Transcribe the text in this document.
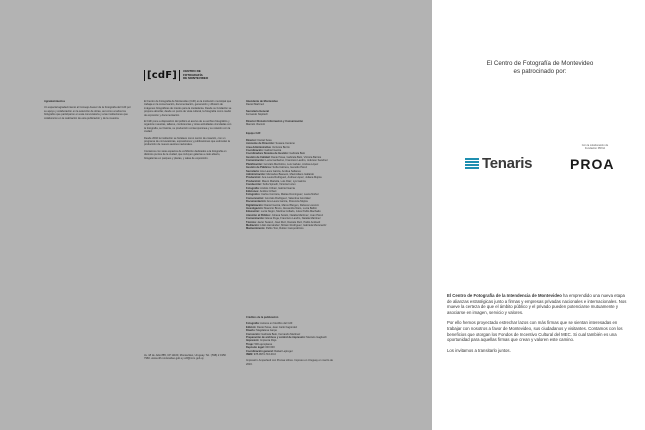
Agradecimientos

Un especial agradecimiento al Consejo Asesor de la Fotografía del CdF por su apoyo y colaboración en la selección de obras, así como a todos los fotógrafos que participaron en esta convocatoria y a las instituciones que colaboraron en la realización de esta publicación y de la muestra.

[cdF]	CENTRO DE
FOTOGRAFÍA
DE MONTEVIDEO

El Centro de Fotografía de Montevideo (CdF) es la institución municipal que trabaja en la conservación, documentación, generación y difusión de imágenes fotográficas de interés para la ciudadanía. Desde su fundación se propone abordar, desde un punto de vista cultural, la fotografía como medio de expresión y documentación.

El CdF pone a disposición del público el acervo de su archivo fotográfico y organiza muestras, talleres, conferencias y otras actividades vinculadas con la fotografía, su historia, su producción contemporánea y su relación con la ciudad.

Desde 2002 la institución se fortalece como centro de creación, con un programa de convocatorias, exposiciones y publicaciones que estimulan la producción de nuevos autores nacionales.

Contamos con siete espacios de exhibición dedicados a la fotografía en distintos puntos de la ciudad, que incluyen galerías a cielo abierto, fotogalerías en parques y plazas, y salas de exposición.

Av. 18 de Julio 885, CP 11100, Montevideo, Uruguay. Tel.: (598) 2 1950 7960. www.cdf.montevideo.gub.uy cdf@imm.gub.uy

Intendente de Montevideo
Daniel Martínez

Secretaria General
Fernando Nopitsch

Director División Información y Comunicación
Marcelo Visconti

Equipo CdF

Director: Daniel Sosa
Asistente de Dirección: Susana Centeno
Área Administrativa: Verónica Berrio
Coordinación: Gabriel García
Coordinadora Sistema de Gestión: Gabriela Belo
Gestión de Calidad: Daniel Sosa, Gabriela Belo, Victoria Barrios
Comunicación: Lucía Garbarino, Francisco Landro, Jeferson Sanchez
Planificación: Gonzalo Mazzolino, Luis Galván, Andrea López
Gestión de Públicos: Sofía Cabrera, Gerardo Pérez
Secretaría: Ana Laura García, Andrea Sellanes
Administración: Mercedes Bausero, Maximiliano Gallardo
Producción: Ana Laura Rodriguez, Andrea López, Juliana Mujica
Producción: Mauro Martella, Luis Díaz, Lys Gainza
Conducción: Sofía Spinelli, Victoria Iruzun
Fotografía: Andrés Cribari, Gabriel Garcia
Ediciones: Andrés Cribari
Fotógrafos: Carlos Contrera, Matías Dominguez, Laura Núñez
Conservación: Gonzalo Rodriguez, Valentina González
Documentación: Ana Laura García, Florencia Mujica
Digitalización: Daniel García, Marcel Bergen, Rebeca Lorenzo
Investigación: Mauricio Bruno, Alexandra Nieto, Lucía Bellini
Educación: Lucía Negro, Martina Collado, Jules Pablo Machado
Atención al Público: Johana Sotelo, Natalia Martínez, Juan Pérez
Comunicación: Elena Pega, Francisco Landro, Natalia Martínez
Técnica: Javier Suárez, José Ruiz, Daniele Ruiz, Pablo Andreoli
Mediación: Lilián Hernández, Miriam Rodríguez, Gabriela Muzanarriz
Mantenimiento: Pablo Tosi, Rubén Campodónico

Créditos de la publicación

Fotografía: Autores en fotolibro del CdF
Edición: Daniel Sosa, Jean Carlo Fagúndez
Diseño: Magdalena Gerpe
Corrección: Gabriela Belo, Fernando Martínez
Preparación de archivos y control de impresión: Marcelo Gagliardi
Impresión: Imprenta Rojo
Tiraje: 500 ejemplares
Depósito legal: 000 000
Coordinación general: Rafael Lejtreger
ISBN: 978-9974-716-00-0

Impresión: Amperland con Prensa Libres. Impreso en Uruguay en marzo de 2016.

El Centro de Fotografía de Montevideo
es patrocinado por:
Tenaris
Con la colaboración de
Fundación PROA
PROA

El Centro de Fotografía de la Intendencia de Montevideo ha emprendido una nueva etapa de alianzas estratégicas junto a firmas y empresas privadas nacionales e internacionales. Nos mueve la certeza de que el ámbito público y el privado pueden potenciarse mutuamente y asociarse en imagen, servicio y valores.

Por ello hemos proyectado estrechar lazos con más firmas que se sientan interesadas en trabajar con nosotros a favor de Montevideo, sus ciudadanos y visitantes. Contamos con los beneficios que otorgan los Fondos de Incentivo Cultural del MEC. Si cual también es una oportunidad para aquellas firmas que crean y valoren este camino.

Los invitamos a transitarlo juntos.
